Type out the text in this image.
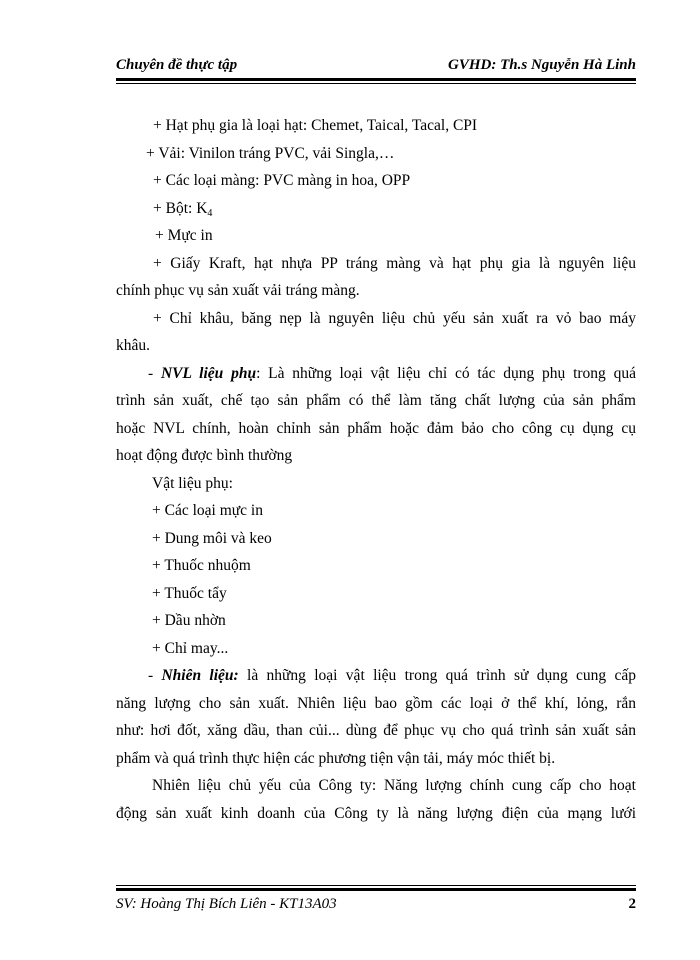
Chuyên đề thực tập	GVHD: Th.s Nguyễn Hà Linh
+ Hạt phụ gia là loại hạt: Chemet, Taical, Tacal, CPI
+ Vải: Vinilon tráng PVC, vải Singla,…
+ Các loại màng: PVC màng in hoa, OPP
+ Bột: $K_4$
+ Mực in
+ Giấy Kraft, hạt nhựa PP tráng màng và hạt phụ gia là nguyên liệu
chính phục vụ sản xuất vải tráng màng.
+ Chỉ khâu, băng nẹp là nguyên liệu chủ yếu sản xuất ra vỏ bao máy
khâu.
- NVL liệu phụ: Là những loại vật liệu chỉ có tác dụng phụ trong quá
trình sản xuất, chế tạo sản phẩm có thể làm tăng chất lượng của sản phẩm
hoặc NVL chính, hoàn chỉnh sản phẩm hoặc đảm bảo cho công cụ dụng cụ
hoạt động được bình thường
Vật liệu phụ:
+ Các loại mực in
+ Dung môi và keo
+ Thuốc nhuộm
+ Thuốc tẩy
+ Dầu nhờn
+ Chỉ may...
- Nhiên liệu: là những loại vật liệu trong quá trình sử dụng cung cấp
năng lượng cho sản xuất. Nhiên liệu bao gồm các loại ở thể khí, lỏng, rắn
như: hơi đốt, xăng dầu, than củi... dùng để phục vụ cho quá trình sản xuất sản
phẩm và quá trình thực hiện các phương tiện vận tải, máy móc thiết bị.
Nhiên liệu chủ yếu của Công ty: Năng lượng chính cung cấp cho hoạt
động sản xuất kinh doanh của Công ty là năng lượng điện của mạng lưới
SV: Hoàng Thị Bích Liên - KT13A03	2
